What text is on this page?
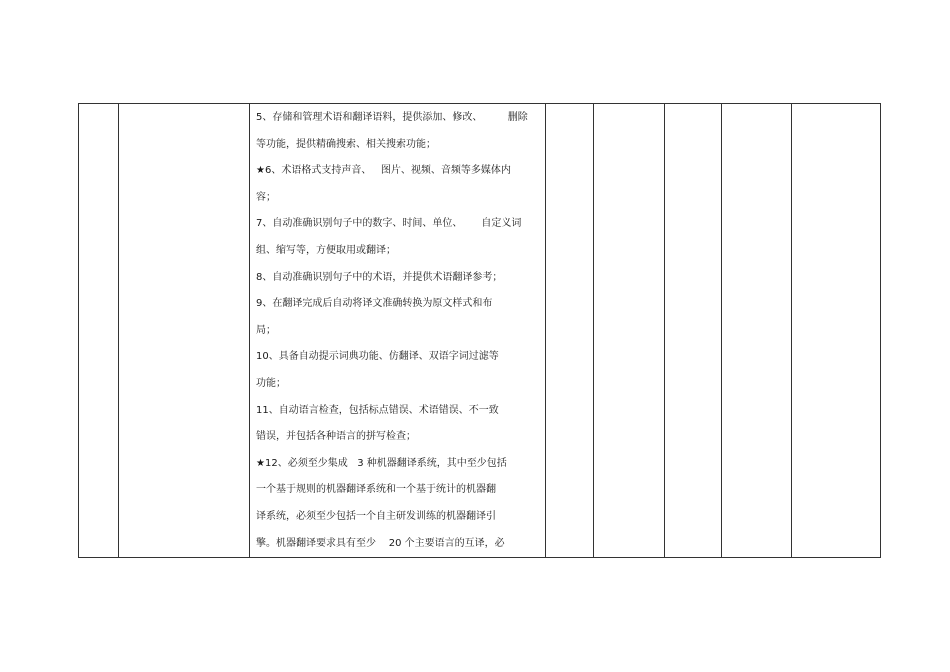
5、存储和管理术语和翻译语料，提供添加、修改、        删除
等功能，提供精确搜索、相关搜索功能；
★6、术语格式支持声音、   图片、视频、音频等多媒体内
容；
7、自动准确识别句子中的数字、时间、单位、      自定义词
组、缩写等，方便取用或翻译；
8、自动准确识别句子中的术语，并提供术语翻译参考；
9、在翻译完成后自动将译文准确转换为原文样式和布
局；
10、具备自动提示词典功能、仿翻译、双语字词过滤等
功能；
11、自动语言检查，包括标点错误、术语错误、不一致
错误，并包括各种语言的拼写检查；
★12、必须至少集成   3 种机器翻译系统，其中至少包括
一个基于规则的机器翻译系统和一个基于统计的机器翻
译系统，必须至少包括一个自主研发训练的机器翻译引
擎。机器翻译要求具有至少    20 个主要语言的互译，必
